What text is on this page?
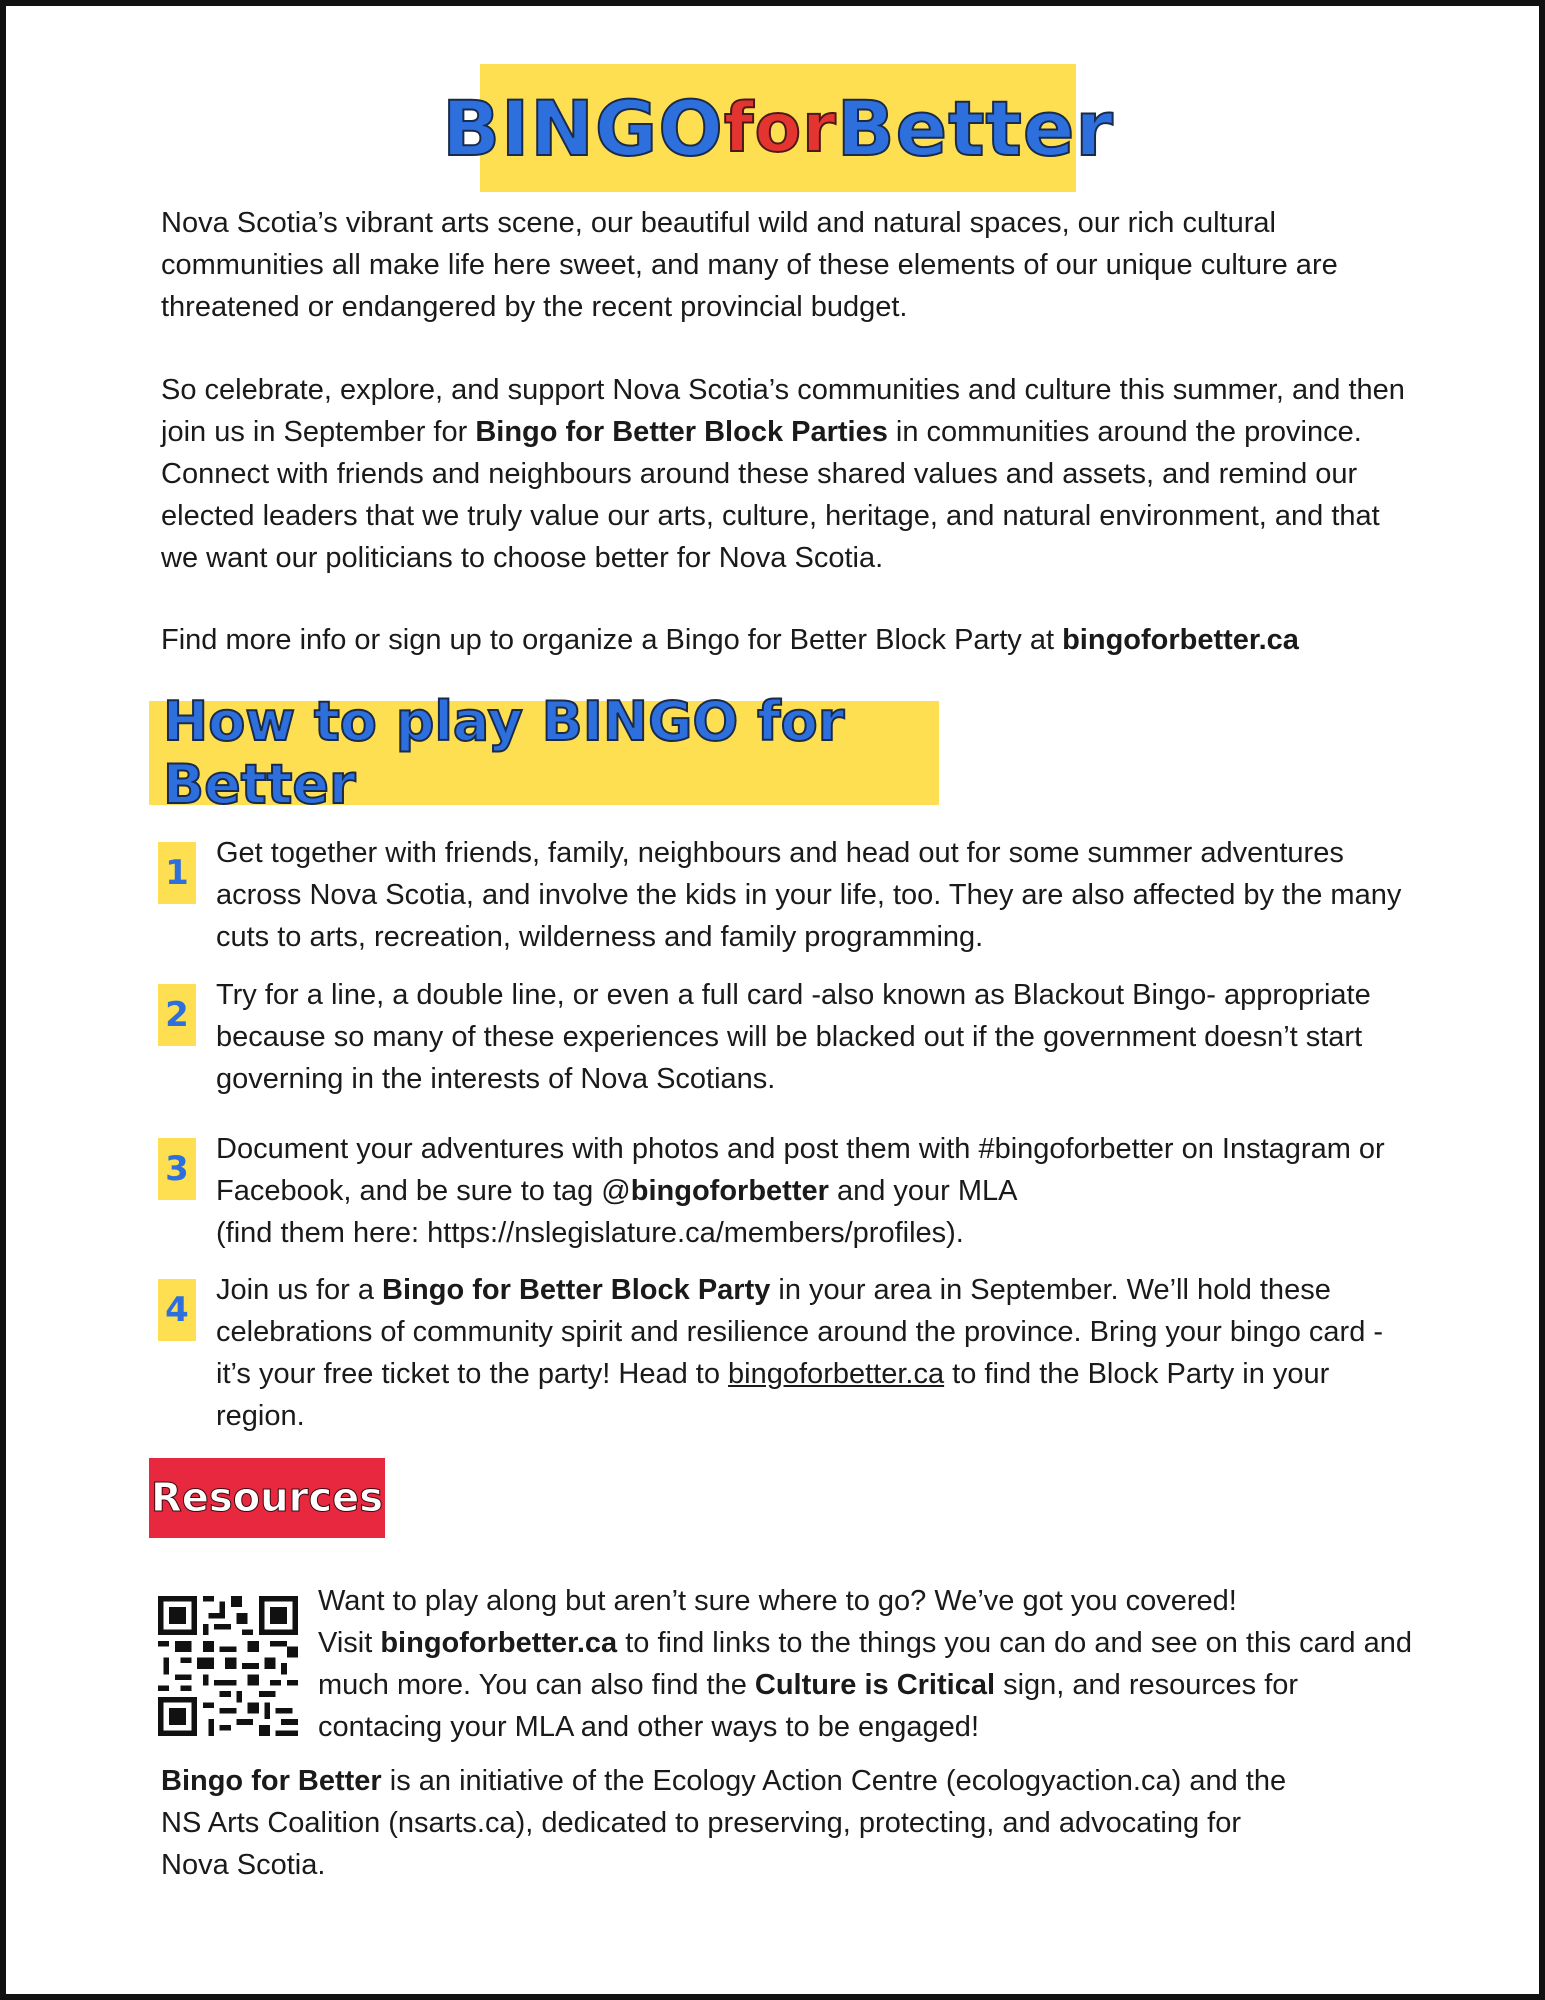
BINGO for Better

Nova Scotia’s vibrant arts scene, our beautiful wild and natural spaces, our rich cultural communities all make life here sweet, and many of these elements of our unique culture are threatened or endangered by the recent provincial budget.

So celebrate, explore, and support Nova Scotia’s communities and culture this summer, and then join us in September for Bingo for Better Block Parties in communities around the province. Connect with friends and neighbours around these shared values and assets, and remind our elected leaders that we truly value our arts, culture, heritage, and natural environment, and that we want our politicians to choose better for Nova Scotia.

Find more info or sign up to organize a Bingo for Better Block Party at bingoforbetter.ca

How to play BINGO for Better
1 Get together with friends, family, neighbours and head out for some summer adventures across Nova Scotia, and involve the kids in your life, too. They are also affected by the many cuts to arts, recreation, wilderness and family programming.

2 Try for a line, a double line, or even a full card -also known as Blackout Bingo- appropriate because so many of these experiences will be blacked out if the government doesn’t start governing in the interests of Nova Scotians.

3 Document your adventures with photos and post them with #bingoforbetter on Instagram or Facebook, and be sure to tag @bingoforbetter and your MLA
(find them here: https://nslegislature.ca/members/profiles).

4 Join us for a Bingo for Better Block Party in your area in September. We’ll hold these celebrations of community spirit and resilience around the province. Bring your bingo card - it’s your free ticket to the party! Head to bingoforbetter.ca to find the Block Party in your region.

Resources

Want to play along but aren’t sure where to go? We’ve got you covered!
Visit bingoforbetter.ca to find links to the things you can do and see on this card and much more. You can also find the Culture is Critical sign, and resources for contacing your MLA and other ways to be engaged!

Bingo for Better is an initiative of the Ecology Action Centre (ecologyaction.ca) and the
NS Arts Coalition (nsarts.ca), dedicated to preserving, protecting, and advocating for
Nova Scotia.
